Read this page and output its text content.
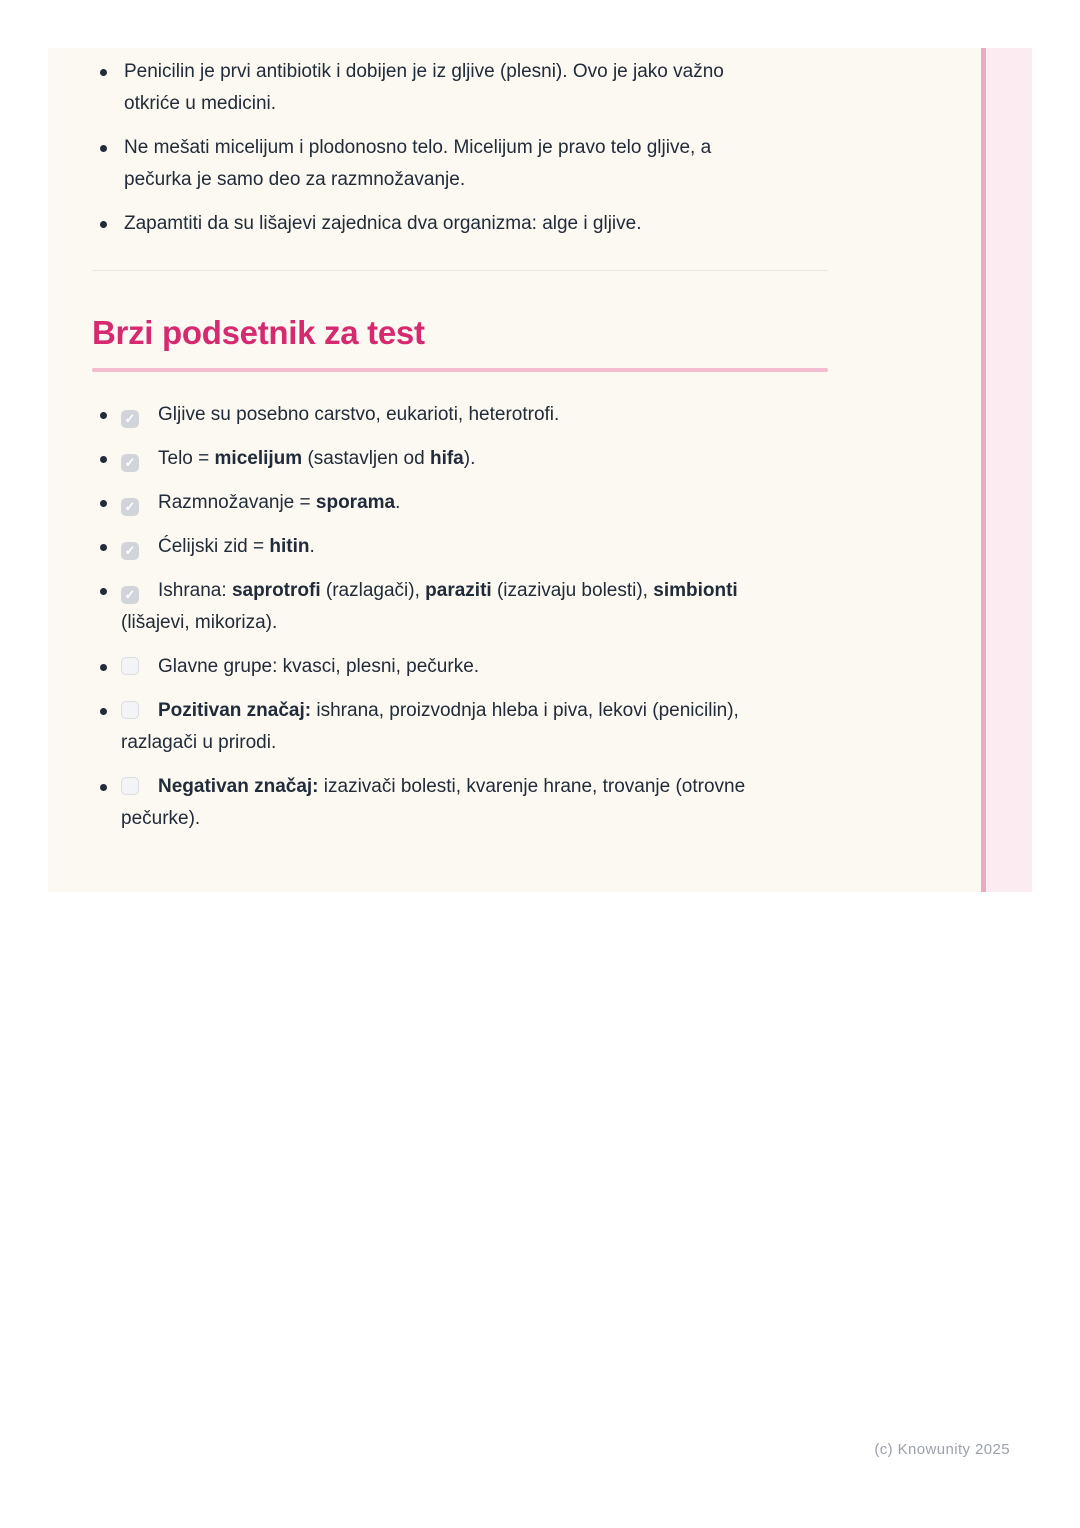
Penicilin je prvi antibiotik i dobijen je iz gljive (plesni). Ovo je jako važno
otkriće u medicini.
Ne mešati micelijum i plodonosno telo. Micelijum je pravo telo gljive, a
pečurka je samo deo za razmnožavanje.
Zapamtiti da su lišajevi zajednica dva organizma: alge i gljive.
Brzi podsetnik za test
✓ Gljive su posebno carstvo, eukarioti, heterotrofi.
✓ Telo = micelijum (sastavljen od hifa).
✓ Razmnožavanje = sporama.
✓ Ćelijski zid = hitin.
✓ Ishrana: saprotrofi (razlagači), paraziti (izazivaju bolesti), simbionti
(lišajevi, mikoriza).
Glavne grupe: kvasci, plesni, pečurke.
Pozitivan značaj: ishrana, proizvodnja hleba i piva, lekovi (penicilin),
razlagači u prirodi.
Negativan značaj: izazivači bolesti, kvarenje hrane, trovanje (otrovne
pečurke).
(c) Knowunity 2025
